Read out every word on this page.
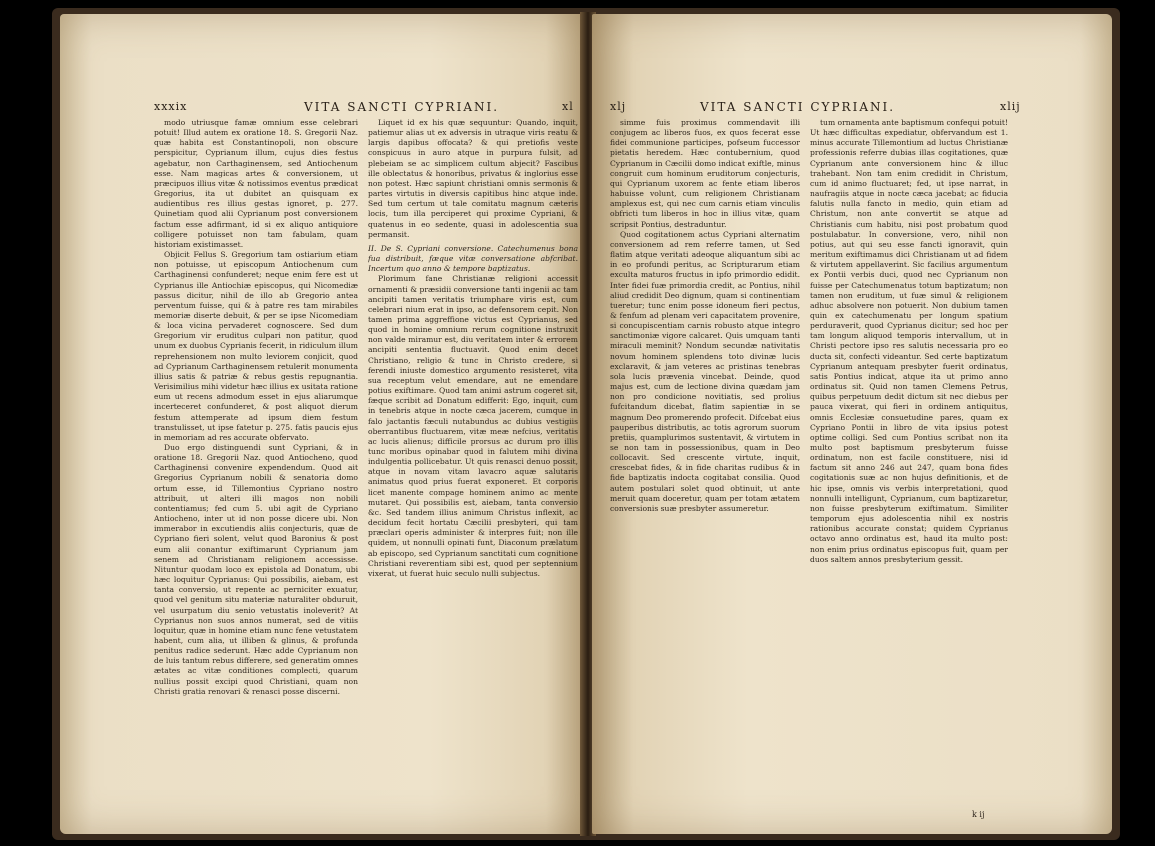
xxxix	VITA SANCTI CYPRIANI.	xl

modo utriusque famæ omnium esse celebrari potuit! Illud autem ex oratione 18. S. Gregorii Naz. quæ habita est Constantinopoli, non obscure perspicitur, Cyprianum illum, cujus dies festus agebatur, non Carthaginensem, sed Antiochenum esse. Nam magicas artes & conversionem, ut præcipuos illius vitæ & notissimos eventus prædicat Gregorius, ita ut dubitet an quisquam ex audientibus res illius gestas ignoret, p. 277. Quinetiam quod alii Cyprianum post conversionem factum esse adfirmant, id si ex aliquo antiquiore colligere potuisset non tam fabulam, quam historiam existimasset.

Objicit Fellus S. Gregorium tam ostiarium etiam non potuisse, ut episcopum Antiochenum cum Carthaginensi confunderet; neque enim fere est ut Cyprianus ille Antiochiæ episcopus, qui Nicomediæ passus dicitur, nihil de illo ab Gregorio antea perventum fuisse, qui & à patre res tam mirabiles memoriæ diserte debuit, & per se ipse Nicomediam & loca vicina pervaderet cognoscere. Sed dum Gregorium vir eruditus culpari non patitur, quod unum ex duobus Cyprianis fecerit, in ridiculum illum reprehensionem non multo leviorem conjicit, quod ad Cyprianum Carthaginensem retulerit monumenta illius satis & patriæ & rebus gestis repugnantia. Verisimilius mihi videtur hæc illius ex usitata ratione eum ut recens admodum esset in ejus aliarumque incerteceret confunderet, & post aliquot dierum festum attemperate ad ipsum diem festum transtulisset, ut ipse fatetur p. 275. fatis paucis ejus in memoriam ad res accurate obfervato.

Duo ergo distinguendi sunt Cypriani, & in oratione 18. Gregorii Naz. quod Antiocheno, quod Carthaginensi convenire expendendum. Quod ait Gregorius Cyprianum nobili & senatoria domo ortum esse, id Tillemontius Cypriano nostro attribuit, ut alteri illi magos non nobili contentiamus; fed cum 5. ubi agit de Cypriano Antiocheno, inter ut id non posse dicere ubi. Non immerabor in excutiendis aliis conjecturis, quæ de Cypriano fieri solent, velut quod Baronius & post eum alii conantur exiftimarunt Cyprianum jam senem ad Christianam religionem accessisse. Nituntur quodam loco ex epistola ad Donatum, ubi hæc loquitur Cyprianus: Qui possibilis, aiebam, est tanta conversio, ut repente ac perniciter exuatur, quod vel genitum situ materiæ naturaliter obduruit, vel usurpatum diu senio vetustatis inoleverit? At Cyprianus non suos annos numerat, sed de vitiis loquitur, quæ in homine etiam nunc fene vetustatem habent, cum alia, ut illiben & glinus, & profunda penitus radice sederunt. Hæc adde Cyprianum non de luis tantum rebus differere, sed generatim omnes ætates ac vitæ conditiones complecti, quarum nullius possit excipi quod Christiani, quam non Christi gratia renovari & renasci posse discerni.

Liquet id ex his quæ sequuntur: Quando, inquit, patiemur alias ut ex adversis in utraque viris reatu & largis dapibus offocata? & qui pretiofis veste conspicuus in auro atque in purpura fulsit, ad plebeiam se ac simplicem cultum abjecit? Fascibus ille oblectatus & honoribus, privatus & inglorius esse non potest. Hæc sapiunt christiani omnis sermonis & partes virtutis in diversis capitibus hinc atque inde. Sed tum certum ut tale comitatu magnum cæteris locis, tum illa perciperet qui proxime Cypriani, & quatenus in eo sedente, quasi in adolescentia sua permansit.

II. De S. Cypriani conversione. Catechumenus bona fua distribuit, fæque vitæ conversatione abfcribat. Incertum quo anno & tempore baptizatus.

Plorimum fane Christianæ religioni accessit ornamenti & præsidii conversione tanti ingenii ac tam ancipiti tamen veritatis triumphare viris est, cum celebrari nium erat in ipso, ac defensorem cepit. Non tamen prima aggreffione victus est Cyprianus, sed quod in homine omnium rerum cognitione instruxit non valde miramur est, diu veritatem inter & errorem ancipiti sententia fluctuavit. Quod enim decet Christiano, religio & tunc in Christo credere, si ferendi iniuste domestico argumento resisteret, vita sua receptum velut emendare, aut ne emendare potius exiftimare. Quod tam animi astrum cogeret sit, fæque scribit ad Donatum edifferit: Ego, inquit, cum in tenebris atque in nocte cæca jacerem, cumque in falo jactantis fæculi nutabundus ac dubius vestigiis oberrantibus fluctuarem, vitæ meæ nefcius, veritatis ac lucis alienus; difficile prorsus ac durum pro illis tunc moribus opinabar quod in falutem mihi divina indulgentia pollicebatur. Ut quis renasci denuo possit, atque in novam vitam lavacro aquæ salutaris animatus quod prius fuerat exponeret. Et corporis licet manente compage hominem animo ac mente mutaret. Qui possibilis est, aiebam, tanta conversio &c. Sed tandem illius animum Christus inflexit, ac decidum fecit hortatu Cæcilii presbyteri, qui tam præclari operis administer & interpres fuit; non ille quidem, ut nonnulli opinati funt, Diaconum prælatum ab episcopo, sed Cyprianum sanctitati cum cognitione Christiani reverentiam sibi est, quod per septennium vixerat, ut fuerat huic seculo nulli subjectus.

xlj	VITA SANCTI CYPRIANI.	xlij

simme fuis proximus commendavit illi conjugem ac liberos fuos, ex quos fecerat esse fidei communione participes, pofseum fuccessor pietatis heredem. Hæc contubernium, quod Cyprianum in Cæcilii domo indicat exiftle, minus congruit cum hominum eruditorum conjecturis, qui Cyprianum uxorem ac fente etiam liberos habuisse volunt, cum religionem Christianam amplexus est, qui nec cum carnis etiam vinculis obfricti tum liberos in hoc in illius vitæ, quam scripsit Pontius, destraduntur.

Quod cogitationem actus Cypriani alternatim conversionem ad rem referre tamen, ut Sed flatim atque veritati adeoque aliquantum sibi ac in eo profundi peritus, ac Scripturarum etiam exculta maturos fructus in ipfo primordio edidit. Inter fidei fuæ primordia credit, ac Pontius, nihil aliud credidit Deo dignum, quam si continentiam tueretur; tunc enim posse idoneum fieri pectus, & fenfum ad plenam veri capacitatem provenire, si concupiscentiam carnis robusto atque integro sanctimoniæ vigore calcaret. Quis umquam tanti miraculi meminit? Nondum secundæ nativitatis novum hominem splendens toto divinæ lucis exclaravit, & jam veteres ac pristinas tenebras sola lucis prævenia vincebat. Deinde, quod majus est, cum de lectione divina quædam jam non pro condicione novitiatis, sed prolius fufcitandum dicebat, flatim sapientiæ in se magnum Deo promerendo profecit. Difcebat eius pauperibus distributis, ac totis agrorum suorum pretiis, quamplurimos sustentavit, & virtutem in se non tam in possessionibus, quam in Deo collocavit. Sed crescente virtute, inquit, crescebat fides, & in fide charitas rudibus & in fide baptizatis indocta cogitabat consilia. Quod autem postulari solet quod obtinuit, ut ante meruit quam doceretur, quam per totam ætatem conversionis suæ presbyter assumeretur.

tum ornamenta ante baptismum confequi potuit! Ut hæc difficultas expediatur, obfervandum est 1. minus accurate Tillemontium ad luctus Christianæ professionis referre dubias illas cogitationes, quæ Cyprianum ante conversionem hinc & illuc trahebant. Non tam enim credidit in Christum, cum id animo fluctuaret; fed, ut ipse narrat, in naufragiis atque in nocte cæca jacebat; ac fiducia falutis nulla fancto in medio, quin etiam ad Christum, non ante convertit se atque ad Christianis cum habitu, nisi post probatum quod postulabatur. In conversione, vero, nihil non potius, aut qui seu esse fancti ignoravit, quin meritum exiftimamus dici Christianam ut ad fidem & virtutem appellaverint. Sic facilius argumentum ex Pontii verbis duci, quod nec Cyprianum non fuisse per Catechumenatus totum baptizatum; non tamen non eruditum, ut fuæ simul & religionem adhuc absolvere non potuerit. Non dubium tamen quin ex catechumenatu per longum spatium perduraverit, quod Cyprianus dicitur; sed hoc per tam longum aliquod temporis intervallum, ut in Christi pectore ipso res salutis necessaria pro eo ducta sit, confecti videantur. Sed certe baptizatum Cyprianum antequam presbyter fuerit ordinatus, satis Pontius indicat, atque ita ut primo anno ordinatus sit. Quid non tamen Clemens Petrus, quibus perpetuum dedit dictum sit nec diebus per pauca vixerat, qui fieri in ordinem antiquitus, omnis Ecclesiæ consuetudine pares, quam ex Cypriano Pontii in libro de vita ipsius potest optime colligi. Sed cum Pontius scribat non ita multo post baptismum presbyterum fuisse ordinatum, non est facile constituere, nisi id factum sit anno 246 aut 247, quam bona fides cogitationis suæ ac non hujus definitionis, et de hic ipse, omnis vis verbis interpretationi, quod nonnulli intelligunt, Cyprianum, cum baptizaretur, non fuisse presbyterum exiftimatum. Similiter temporum ejus adolescentia nihil ex nostris rationibus accurate constat; quidem Cyprianus octavo anno ordinatus est, haud ita multo post: non enim prius ordinatus episcopus fuit, quam per duos saltem annos presbyterium gessit.

k ij
